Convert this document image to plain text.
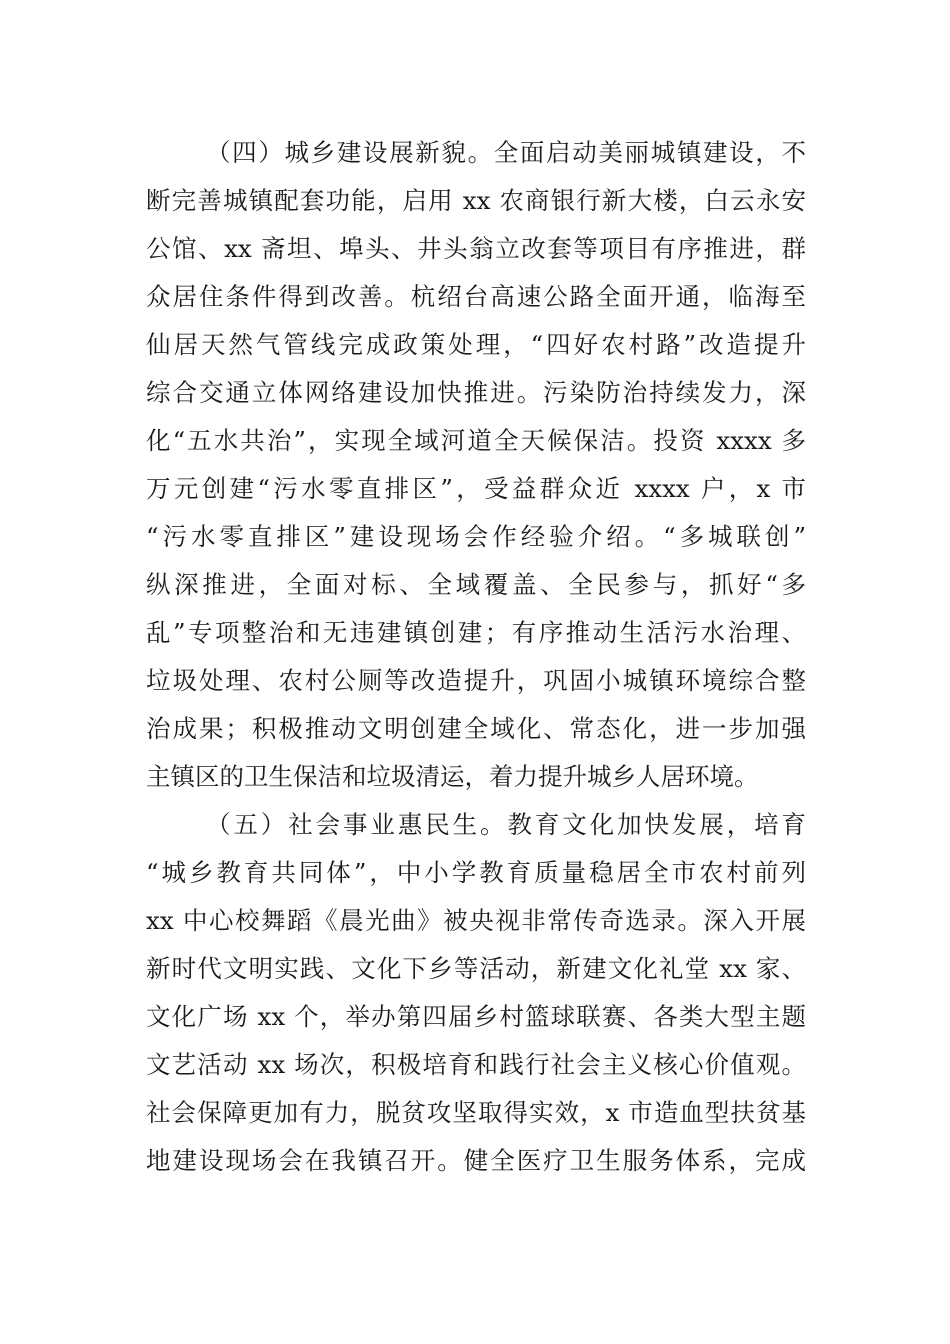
（四）城乡建设展新貌。全面启动美丽城镇建设，不
断完善城镇配套功能，启用 xx 农商银行新大楼，白云永安
公馆、xx 斋坦、埠头、井头翁立改套等项目有序推进，群
众居住条件得到改善。杭绍台高速公路全面开通，临海至
仙居天然气管线完成政策处理，“四好农村路”改造提升
综合交通立体网络建设加快推进。污染防治持续发力，深
化“五水共治”，实现全域河道全天候保洁。投资 xxxx 多
万元创建“污水零直排区”，受益群众近 xxxx 户，x 市
“污水零直排区”建设现场会作经验介绍。“多城联创”
纵深推进，全面对标、全域覆盖、全民参与，抓好“多
乱”专项整治和无违建镇创建；有序推动生活污水治理、
垃圾处理、农村公厕等改造提升，巩固小城镇环境综合整
治成果；积极推动文明创建全域化、常态化，进一步加强
主镇区的卫生保洁和垃圾清运，着力提升城乡人居环境。
（五）社会事业惠民生。教育文化加快发展，培育
“城乡教育共同体”，中小学教育质量稳居全市农村前列
xx 中心校舞蹈《晨光曲》被央视非常传奇选录。深入开展
新时代文明实践、文化下乡等活动，新建文化礼堂 xx 家、
文化广场 xx 个，举办第四届乡村篮球联赛、各类大型主题
文艺活动 xx 场次，积极培育和践行社会主义核心价值观。
社会保障更加有力，脱贫攻坚取得实效，x 市造血型扶贫基
地建设现场会在我镇召开。健全医疗卫生服务体系，完成
